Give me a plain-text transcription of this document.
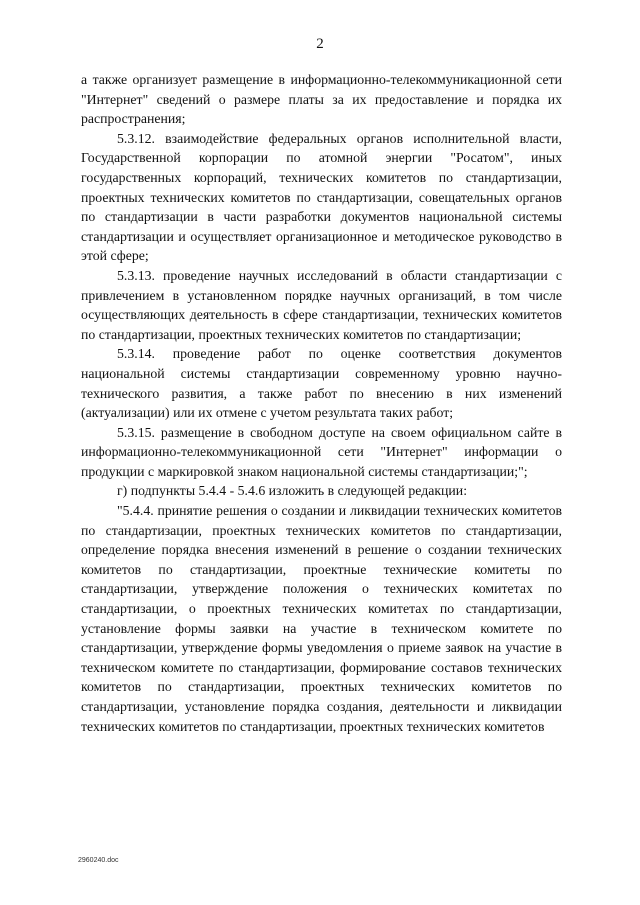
2

а также организует размещение в информационно-телекоммуникационной сети "Интернет" сведений о размере платы за их предоставление и порядка их распространения;

5.3.12. взаимодействие федеральных органов исполнительной власти, Государственной корпорации по атомной энергии "Росатом", иных государственных корпораций, технических комитетов по стандартизации, проектных технических комитетов по стандартизации, совещательных органов по стандартизации в части разработки документов национальной системы стандартизации и осуществляет организационное и методическое руководство в этой сфере;

5.3.13. проведение научных исследований в области стандартизации с привлечением в установленном порядке научных организаций, в том числе осуществляющих деятельность в сфере стандартизации, технических комитетов по стандартизации, проектных технических комитетов по стандартизации;

5.3.14. проведение работ по оценке соответствия документов национальной системы стандартизации современному уровню научно-технического развития, а также работ по внесению в них изменений (актуализации) или их отмене с учетом результата таких работ;

5.3.15. размещение в свободном доступе на своем официальном сайте в информационно-телекоммуникационной сети "Интернет" информации о продукции с маркировкой знаком национальной системы стандартизации;";

г) подпункты 5.4.4 - 5.4.6 изложить в следующей редакции:

"5.4.4. принятие решения о создании и ликвидации технических комитетов по стандартизации, проектных технических комитетов по стандартизации, определение порядка внесения изменений в решение о создании технических комитетов по стандартизации, проектные технические комитеты по стандартизации, утверждение положения о технических комитетах по стандартизации, о проектных технических комитетах по стандартизации, установление формы заявки на участие в техническом комитете по стандартизации, утверждение формы уведомления о приеме заявок на участие в техническом комитете по стандартизации, формирование составов технических комитетов по стандартизации, проектных технических комитетов по стандартизации, установление порядка создания, деятельности и ликвидации технических комитетов по стандартизации, проектных технических комитетов

2960240.doc
